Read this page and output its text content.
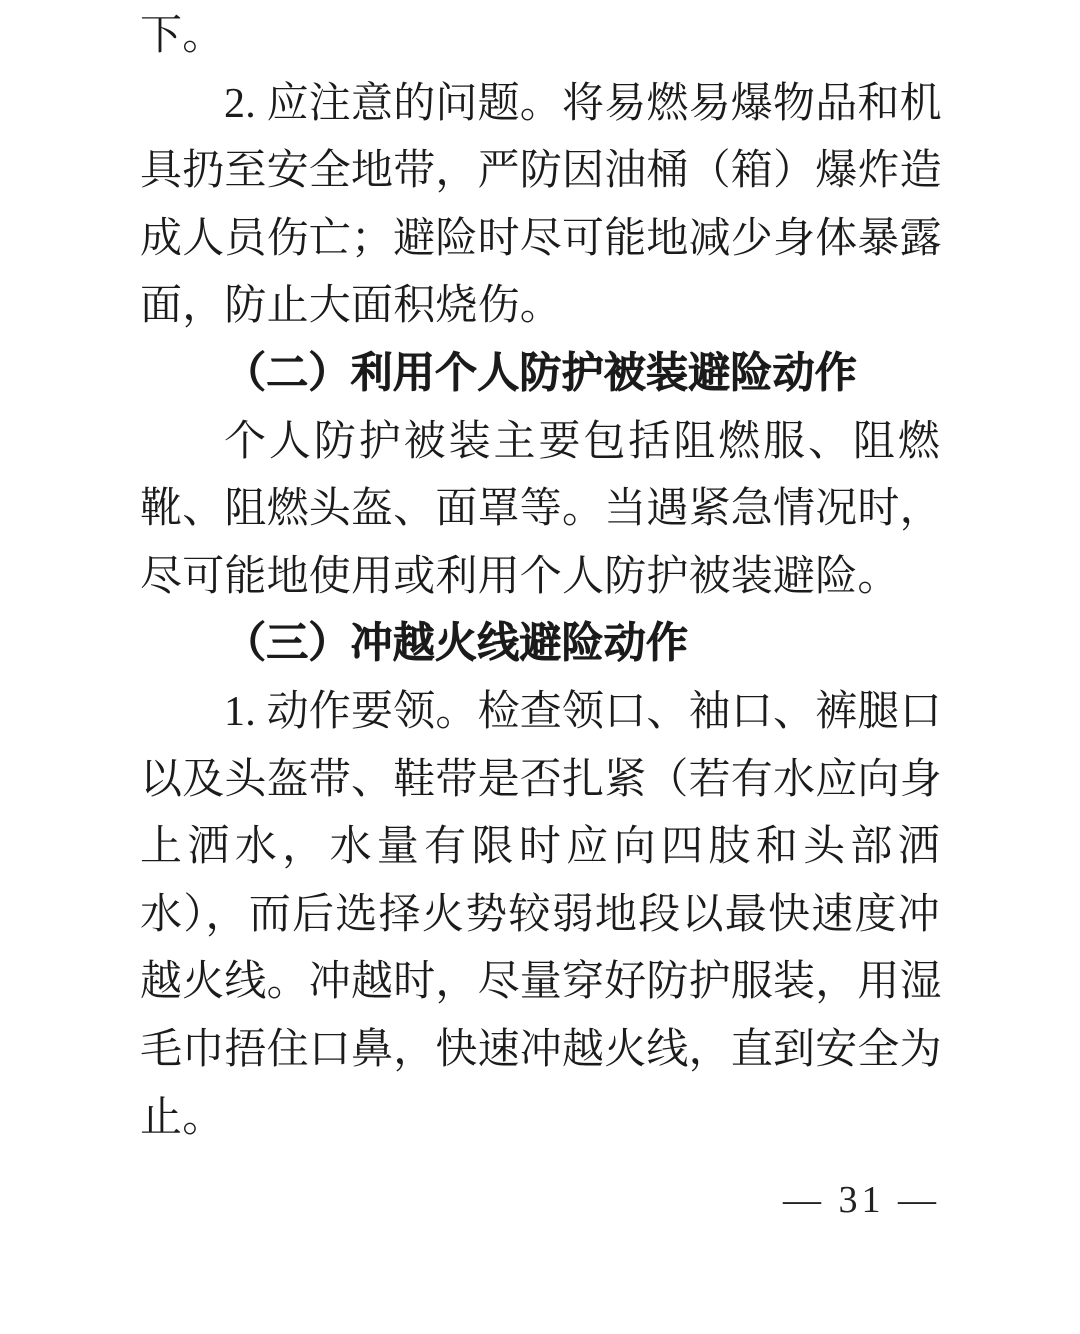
下。
2. 应注意的问题。将易燃易爆物品和机
具扔至安全地带，严防因油桶（箱）爆炸造
成人员伤亡；避险时尽可能地减少身体暴露
面，防止大面积烧伤。
（二）利用个人防护被装避险动作
个人防护被装主要包括阻燃服、阻燃
靴、阻燃头盔、面罩等。当遇紧急情况时，
尽可能地使用或利用个人防护被装避险。
（三）冲越火线避险动作
1. 动作要领。检查领口、袖口、裤腿口
以及头盔带、鞋带是否扎紧（若有水应向身
上洒水，水量有限时应向四肢和头部洒
水），而后选择火势较弱地段以最快速度冲
越火线。冲越时，尽量穿好防护服装，用湿
毛巾捂住口鼻，快速冲越火线，直到安全为
止。
— 31 —
